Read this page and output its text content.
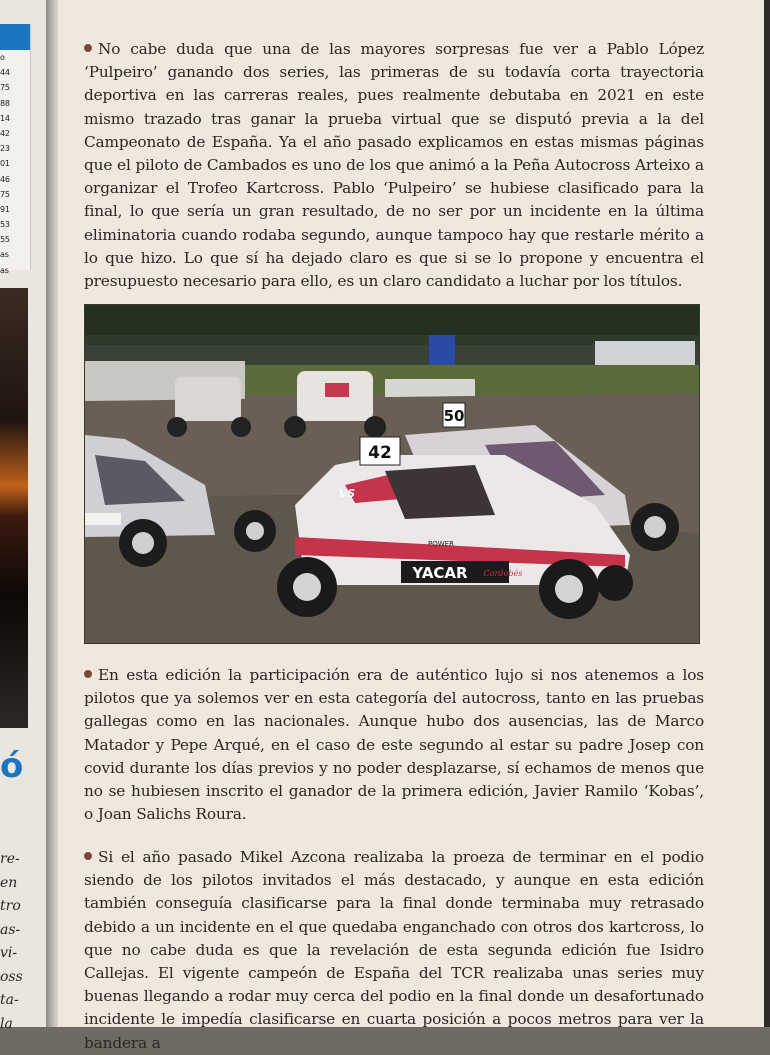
o
44
75
88
14
42
23
01
46
75
91
53
55
as
as
ó
re-
en
tro
as-
vi-
oss
ta-
la
No cabe duda que una de las mayores sorpresas fue ver a Pablo López ‘Pulpeiro’ ganando dos series, las primeras de su todavía corta trayectoria deportiva en las carreras reales, pues realmente debutaba en 2021 en este mismo trazado tras ganar la prueba virtual que se disputó previa a la del Campeonato de España. Ya el año pasado explicamos en estas mismas páginas que el piloto de Cambados es uno de los que animó a la Peña Autocross Arteixo a organizar el Trofeo Kartcross. Pablo ‘Pulpeiro’ se hubiese clasificado para la final, lo que sería un gran resultado, de no ser por un incidente en la última eliminatoria cuando rodaba segundo, aunque tampoco hay que restarle mérito a lo que hizo. Lo que sí ha dejado claro es que si se lo propone y encuentra el presupuesto necesario para ello, es un claro candidato a luchar por los títulos.
50
YACAR
POWER
VS
Cordobés
42
En esta edición la participación era de auténtico lujo si nos atenemos a los pilotos que ya solemos ver en esta categoría del autocross, tanto en las pruebas gallegas como en las nacionales. Aunque hubo dos ausencias, las de Marco Matador y Pepe Arqué, en el caso de este segundo al estar su padre Josep con covid durante los días previos y no poder desplazarse, sí echamos de menos que no se hubiesen inscrito el ganador de la primera edición, Javier Ramilo ‘Kobas’, o Joan Salichs Roura.
Si el año pasado Mikel Azcona realizaba la proeza de terminar en el podio siendo de los pilotos invitados el más destacado, y aunque en esta edición también conseguía clasificarse para la final donde terminaba muy retrasado debido a un incidente en el que quedaba enganchado con otros dos kartcross, lo que no cabe duda es que la revelación de esta segunda edición fue Isidro Callejas. El vigente campeón de España del TCR realizaba unas series muy buenas llegando a rodar muy cerca del podio en la final donde un desafortunado incidente le impedía clasificarse en cuarta posición a pocos metros para ver la bandera a
